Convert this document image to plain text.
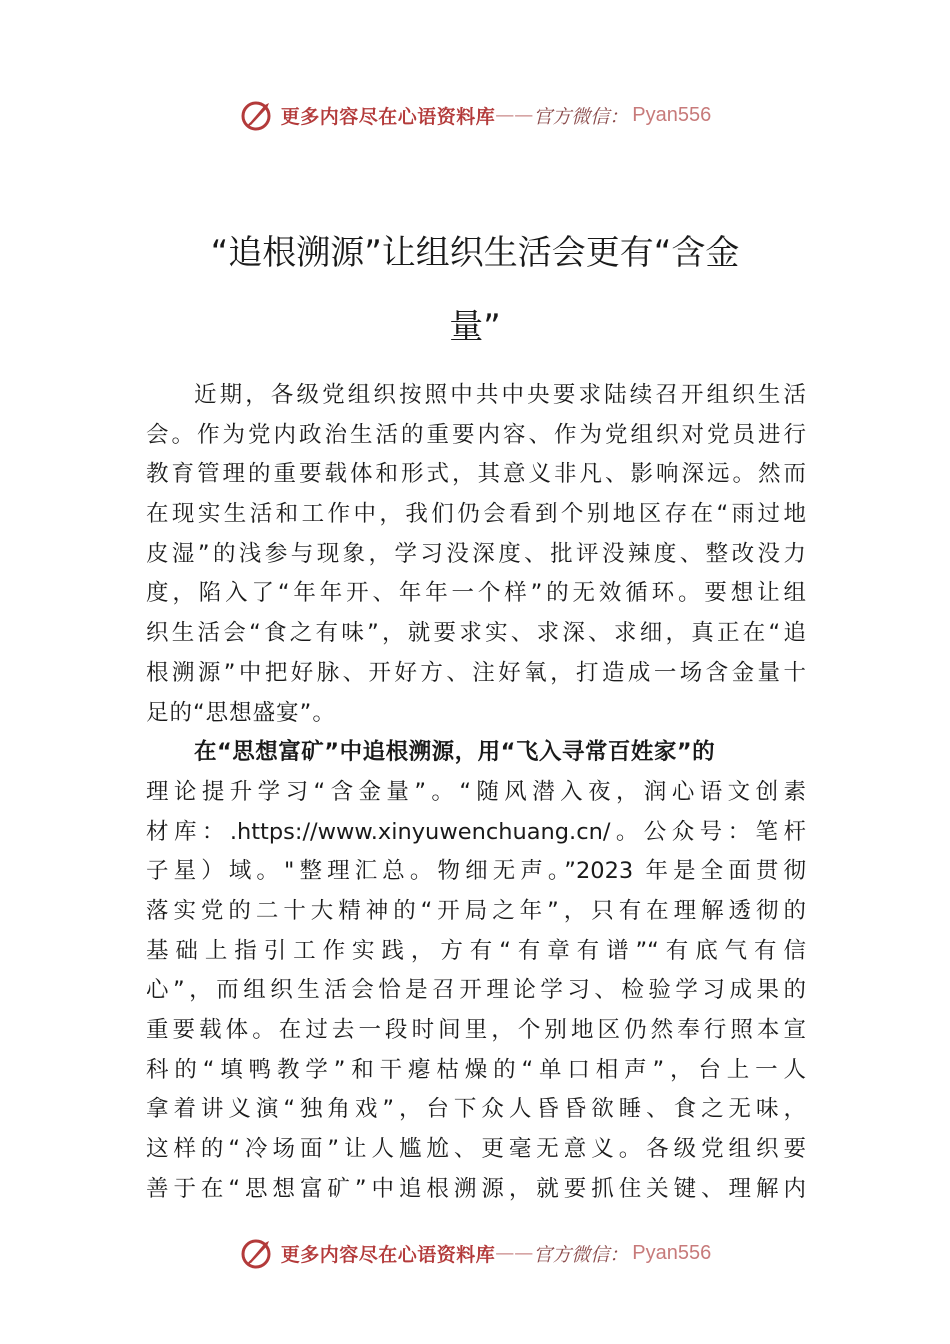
更多内容尽在心语资料库 —— 官方微信： Pyan556
“追根溯源”让组织生活会更有“含金
量”
近期，各级党组织按照中共中央要求陆续召开组织生活
会。作为党内政治生活的重要内容、作为党组织对党员进行
教育管理的重要载体和形式，其意义非凡、影响深远。然而
在现实生活和工作中，我们仍会看到个别地区存在“雨过地
皮湿”的浅参与现象，学习没深度、批评没辣度、整改没力
度，陷入了“年年开、年年一个样”的无效循环。要想让组
织生活会“食之有味”，就要求实、求深、求细，真正在“追
根溯源”中把好脉、开好方、注好氧，打造成一场含金量十
足的“思想盛宴”。
在“思想富矿”中追根溯源，用“飞入寻常百姓家”的
理论提升学习“含金量”。“随风潜入夜，润心语文创素
材库：.https://www.xinyuwenchuang.cn/。公众号：笔杆
子星）域。"整理汇总。物细无声。”2023 年是全面贯彻
落实党的二十大精神的“开局之年”，只有在理解透彻的
基础上指引工作实践，方有“有章有谱”“有底气有信
心”，而组织生活会恰是召开理论学习、检验学习成果的
重要载体。在过去一段时间里，个别地区仍然奉行照本宣
科的“填鸭教学”和干瘪枯燥的“单口相声”，台上一人
拿着讲义演“独角戏”，台下众人昏昏欲睡、食之无味，
这样的“冷场面”让人尴尬、更毫无意义。各级党组织要
善于在“思想富矿”中追根溯源，就要抓住关键、理解内
更多内容尽在心语资料库 —— 官方微信： Pyan556
